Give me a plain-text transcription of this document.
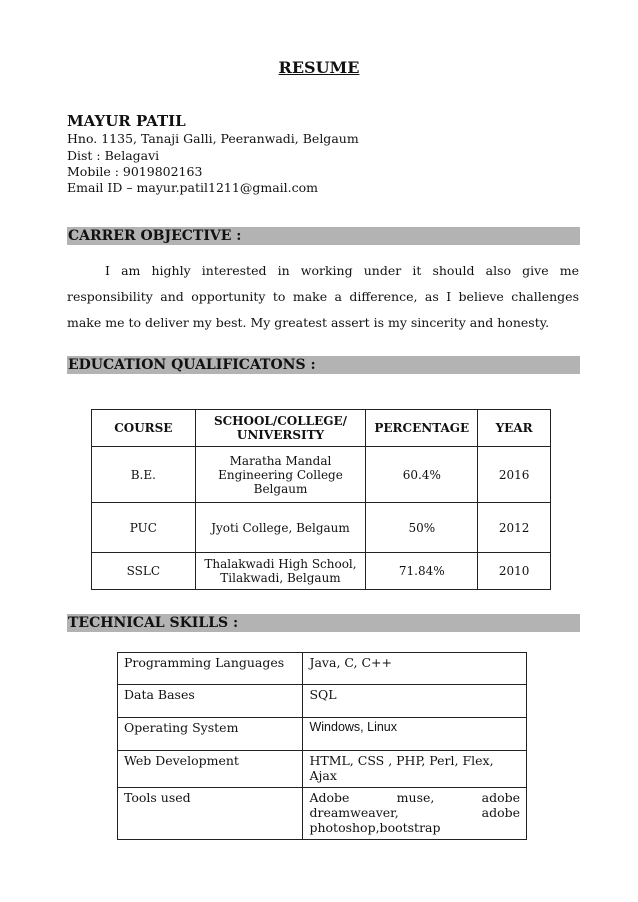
RESUME
MAYUR PATIL
Hno. 1135, Tanaji Galli, Peeranwadi, Belgaum
Dist : Belagavi
Mobile : 9019802163
Email ID – mayur.patil1211@gmail.com
CARRER OBJECTIVE :
I am highly interested in working under it should also give me responsibility and opportunity to make a difference, as I believe challenges make me to deliver my best. My greatest assert is my sincerity and honesty.
EDUCATION QUALIFICATONS :
COURSE	SCHOOL/COLLEGE/ UNIVERSITY	PERCENTAGE	YEAR
B.E.	Maratha Mandal Engineering College Belgaum	60.4%	2016
PUC	Jyoti College, Belgaum	50%	2012
SSLC	Thalakwadi High School, Tilakwadi, Belgaum	71.84%	2010
TECHNICAL SKILLS :
Programming Languages	Java, C, C++
Data Bases	SQL
Operating System	Windows, Linux
Web Development	HTML, CSS , PHP, Perl, Flex, Ajax
Tools used	Adobe muse, adobe dreamweaver, adobe photoshop,bootstrap
